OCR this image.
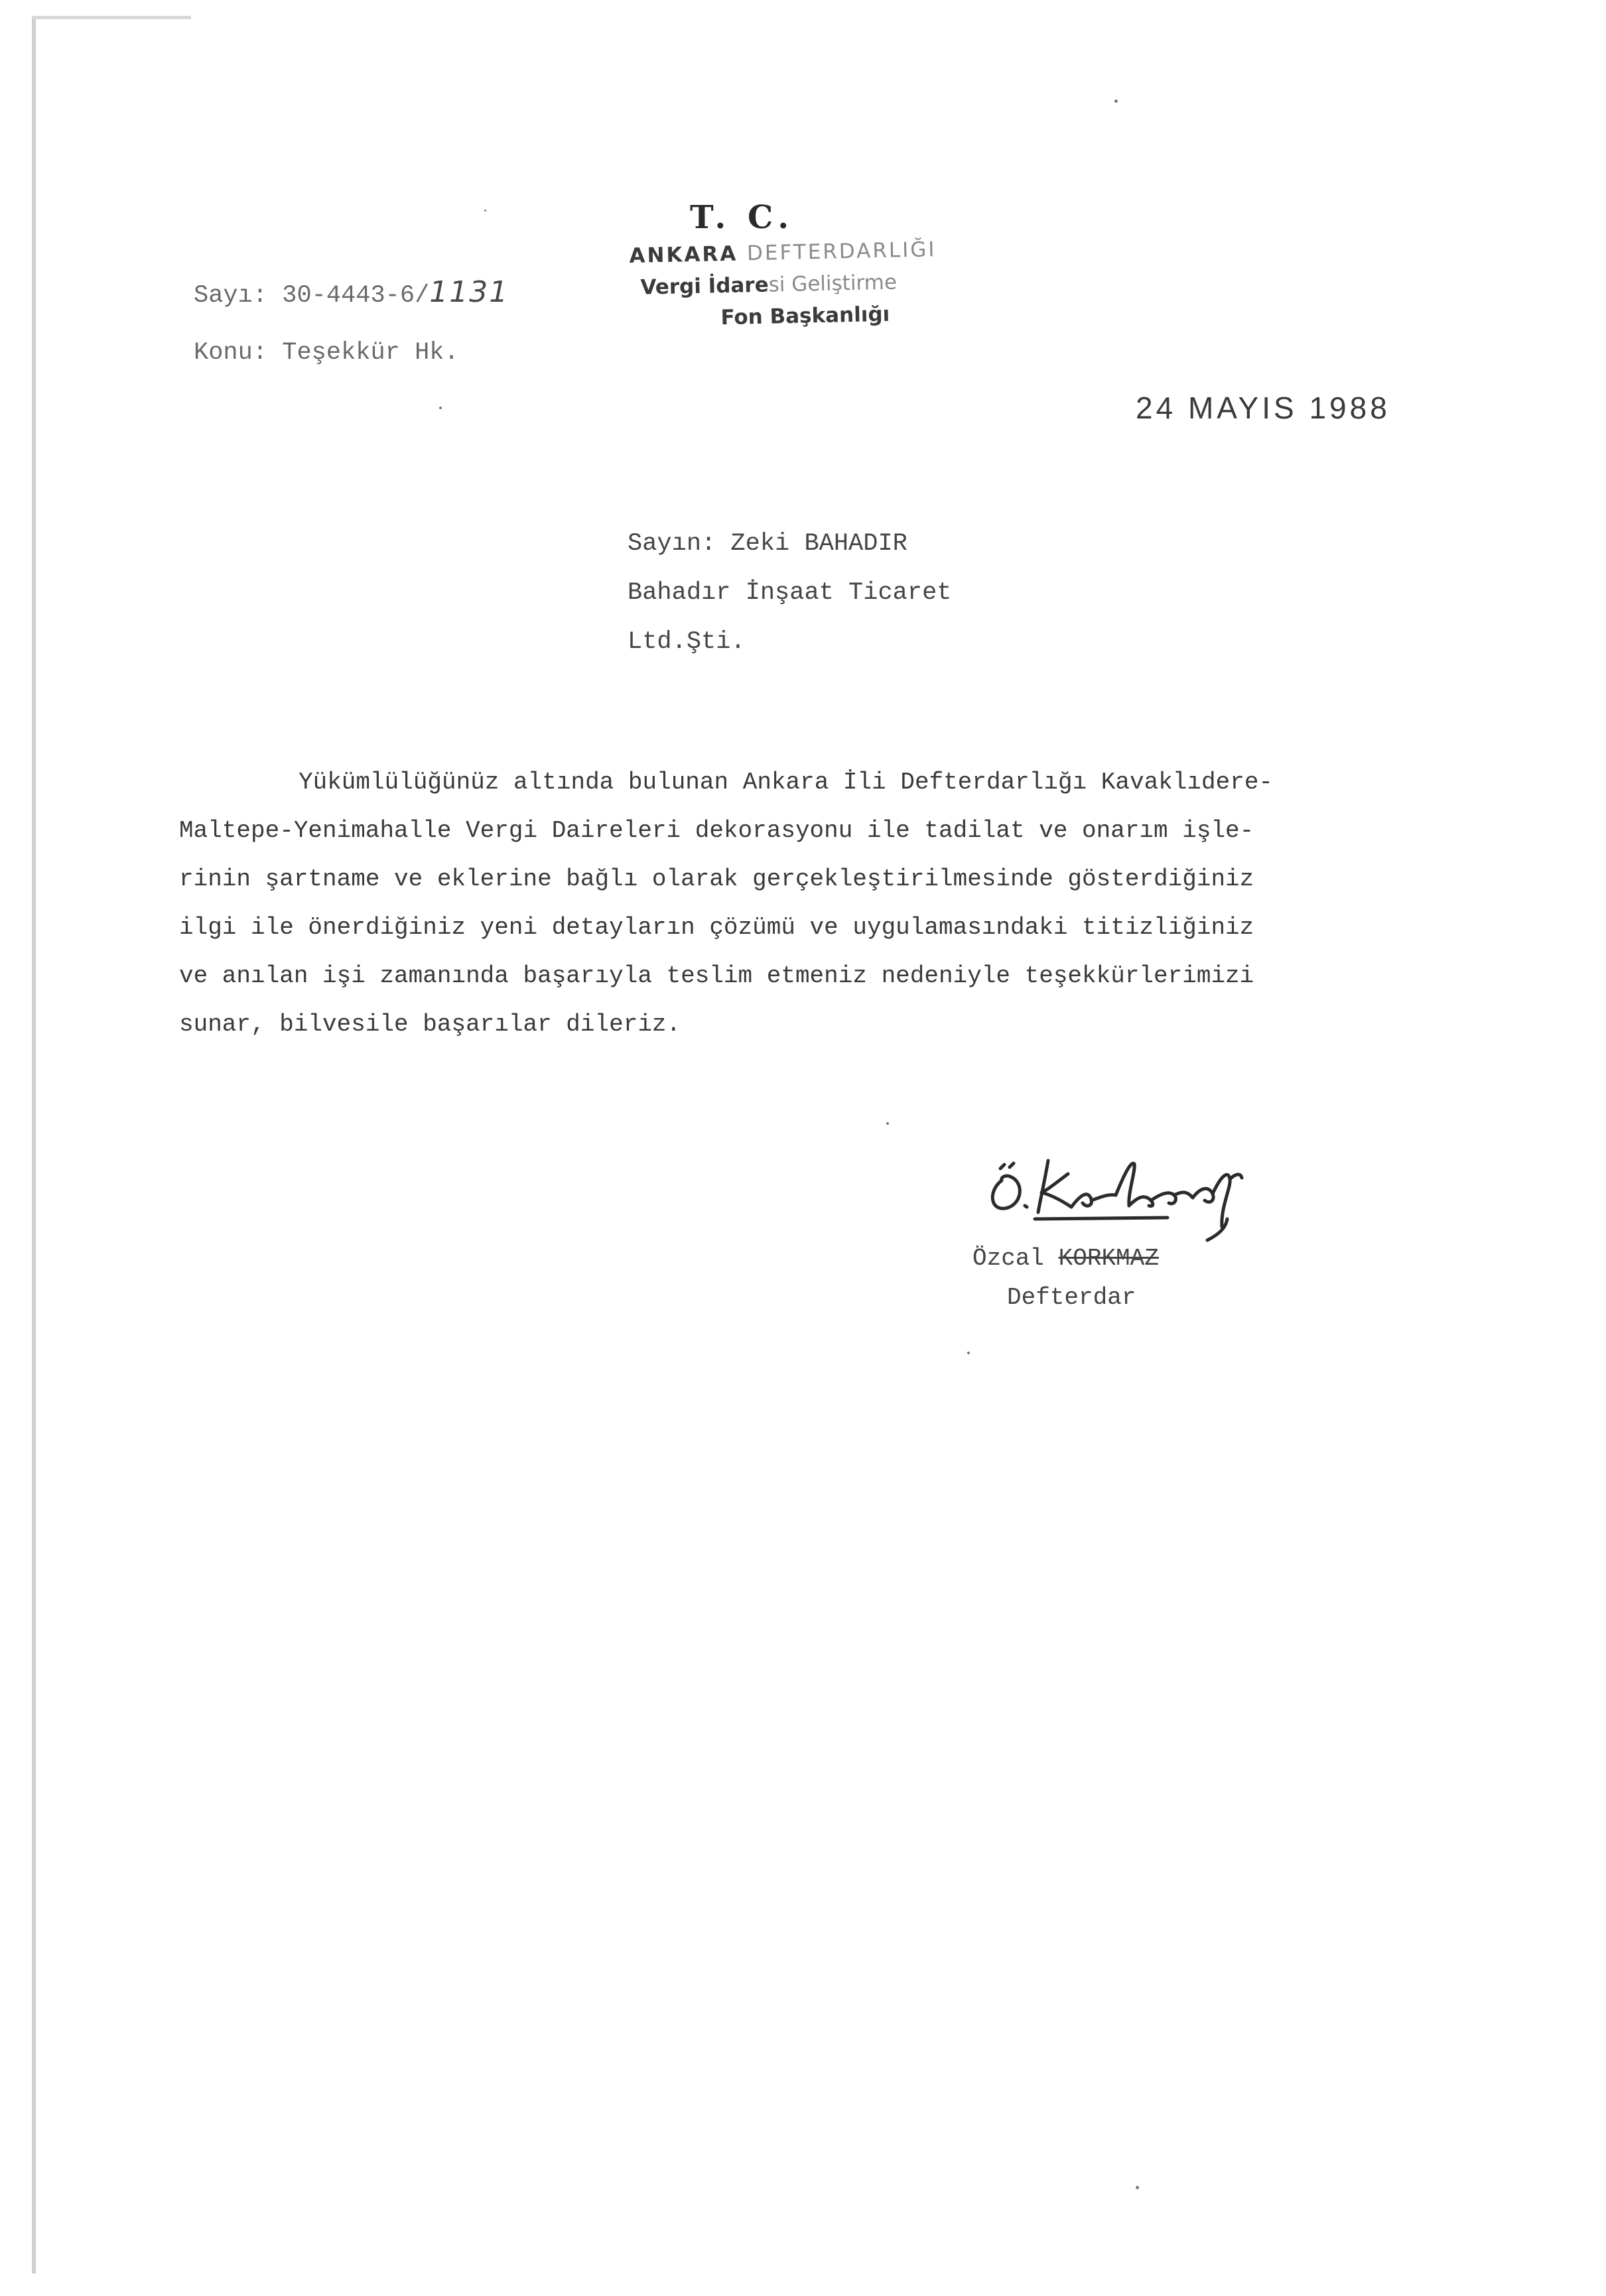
Sayı: 30-4443-6/1131
Konu: Teşekkür Hk.
T. C.
ANKARA DEFTERDARLIĞI
Vergi İdaresi Geliştirme
Fon Başkanlığı
24 MAYIS 1988
Sayın: Zeki BAHADIR
Bahadır İnşaat Ticaret
Ltd.Şti.
Yükümlülüğünüz altında bulunan Ankara İli Defterdarlığı Kavaklıdere-
Maltepe-Yenimahalle Vergi Daireleri dekorasyonu ile tadilat ve onarım işle-
rinin şartname ve eklerine bağlı olarak gerçekleştirilmesinde gösterdiğiniz
ilgi ile önerdiğiniz yeni detayların çözümü ve uygulamasındaki titizliğiniz
ve anılan işi zamanında başarıyla teslim etmeniz nedeniyle teşekkürlerimizi
sunar, bilvesile başarılar dileriz.
Özcal KORKMAZ
Defterdar
